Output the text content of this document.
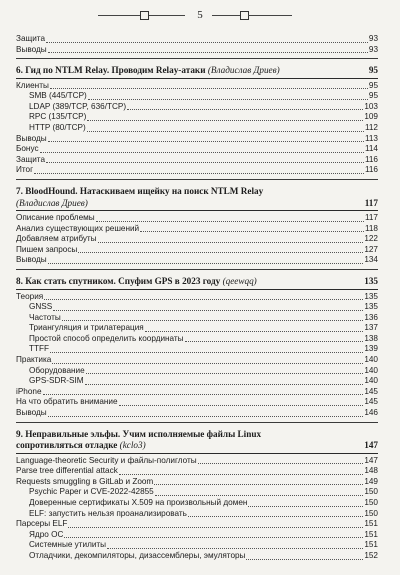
5
Защита	93
Выводы	93
6. Гид по NTLM Relay. Проводим Relay-атаки (Владислав Дриев)	95
Клиенты	95
SMB (445/TCP)	95
LDAP (389/TCP, 636/TCP)	103
RPC (135/TCP)	109
HTTP (80/TCP)	112
Выводы	113
Бонус	114
Защита	116
Итог	116
7. BloodHound. Натаскиваем ищейку на поиск NTLM Relay
(Владислав Дриев)	117
Описание проблемы	117
Анализ существующих решений	118
Добавляем атрибуты	122
Пишем запросы	127
Выводы	134
8. Как стать спутником. Спуфим GPS в 2023 году (qeewqq)	135
Теория	135
GNSS	135
Частоты	136
Триангуляция и трилатерация	137
Простой способ определить координаты	138
TTFF	139
Практика	140
Оборудование	140
GPS-SDR-SIM	140
iPhone	145
На что обратить внимание	145
Выводы	146
9. Неправильные эльфы. Учим исполняемые файлы Linux
сопротивляться отладке (kclo3)	147
Language-theoretic Security и файлы-полиглоты	147
Parse tree differential attack	148
Requests smuggling в GitLab и Zoom	149
Psychic Paper и CVE-2022-42855	150
Доверенные сертификаты X.509 на произвольный домен	150
ELF: запустить нельзя проанализировать	150
Парсеры ELF	151
Ядро ОС	151
Системные утилиты	151
Отладчики, декомпиляторы, дизассемблеры, эмуляторы	152
